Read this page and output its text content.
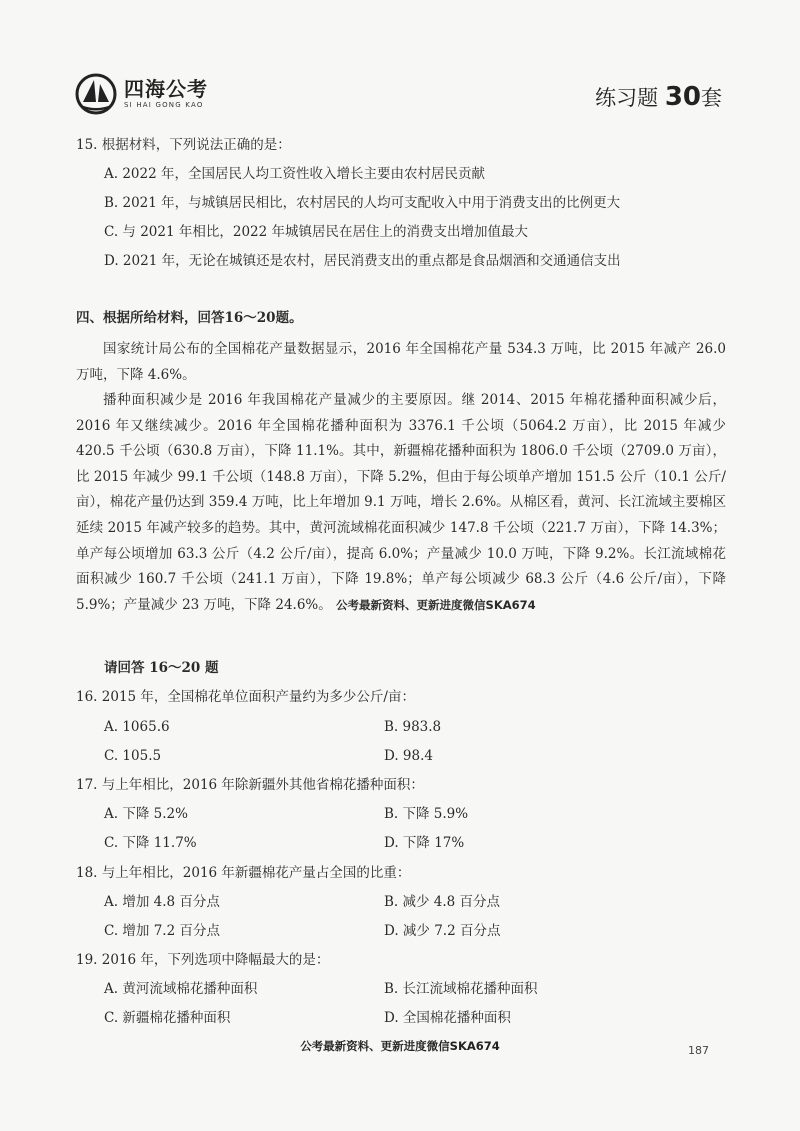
四海公考
SI HAI GONG KAO	练习题 30套
15. 根据材料，下列说法正确的是：
A. 2022 年，全国居民人均工资性收入增长主要由农村居民贡献
B. 2021 年，与城镇居民相比，农村居民的人均可支配收入中用于消费支出的比例更大
C. 与 2021 年相比，2022 年城镇居民在居住上的消费支出增加值最大
D. 2021 年，无论在城镇还是农村，居民消费支出的重点都是食品烟酒和交通通信支出
四、根据所给材料，回答16～20题。
国家统计局公布的全国棉花产量数据显示，2016 年全国棉花产量 534.3 万吨，比 2015 年减产 26.0 万吨，下降 4.6%。
播种面积减少是 2016 年我国棉花产量减少的主要原因。继 2014、2015 年棉花播种面积减少后，2016 年又继续减少。2016 年全国棉花播种面积为 3376.1 千公顷（5064.2 万亩），比 2015 年减少 420.5 千公顷（630.8 万亩），下降 11.1%。其中，新疆棉花播种面积为 1806.0 千公顷（2709.0 万亩），比 2015 年减少 99.1 千公顷（148.8 万亩），下降 5.2%，但由于每公顷单产增加 151.5 公斤（10.1 公斤/亩），棉花产量仍达到 359.4 万吨，比上年增加 9.1 万吨，增长 2.6%。从棉区看，黄河、长江流域主要棉区延续 2015 年减产较多的趋势。其中，黄河流域棉花面积减少 147.8 千公顷（221.7 万亩），下降 14.3%；单产每公顷增加 63.3 公斤（4.2 公斤/亩），提高 6.0%；产量减少 10.0 万吨，下降 9.2%。长江流域棉花面积减少 160.7 千公顷（241.1 万亩），下降 19.8%；单产每公顷减少 68.3 公斤（4.6 公斤/亩），下降 5.9%；产量减少 23 万吨，下降 24.6%。 公考最新资料、更新进度微信SKA674
请回答 16～20 题
16. 2015 年，全国棉花单位面积产量约为多少公斤/亩：
A. 1065.6	B. 983.8
C. 105.5	D. 98.4
17. 与上年相比，2016 年除新疆外其他省棉花播种面积：
A. 下降 5.2%	B. 下降 5.9%
C. 下降 11.7%	D. 下降 17%
18. 与上年相比，2016 年新疆棉花产量占全国的比重：
A. 增加 4.8 百分点	B. 减少 4.8 百分点
C. 增加 7.2 百分点	D. 减少 7.2 百分点
19. 2016 年，下列选项中降幅最大的是：
A. 黄河流域棉花播种面积	B. 长江流域棉花播种面积
C. 新疆棉花播种面积	D. 全国棉花播种面积
公考最新资料、更新进度微信SKA674	187
